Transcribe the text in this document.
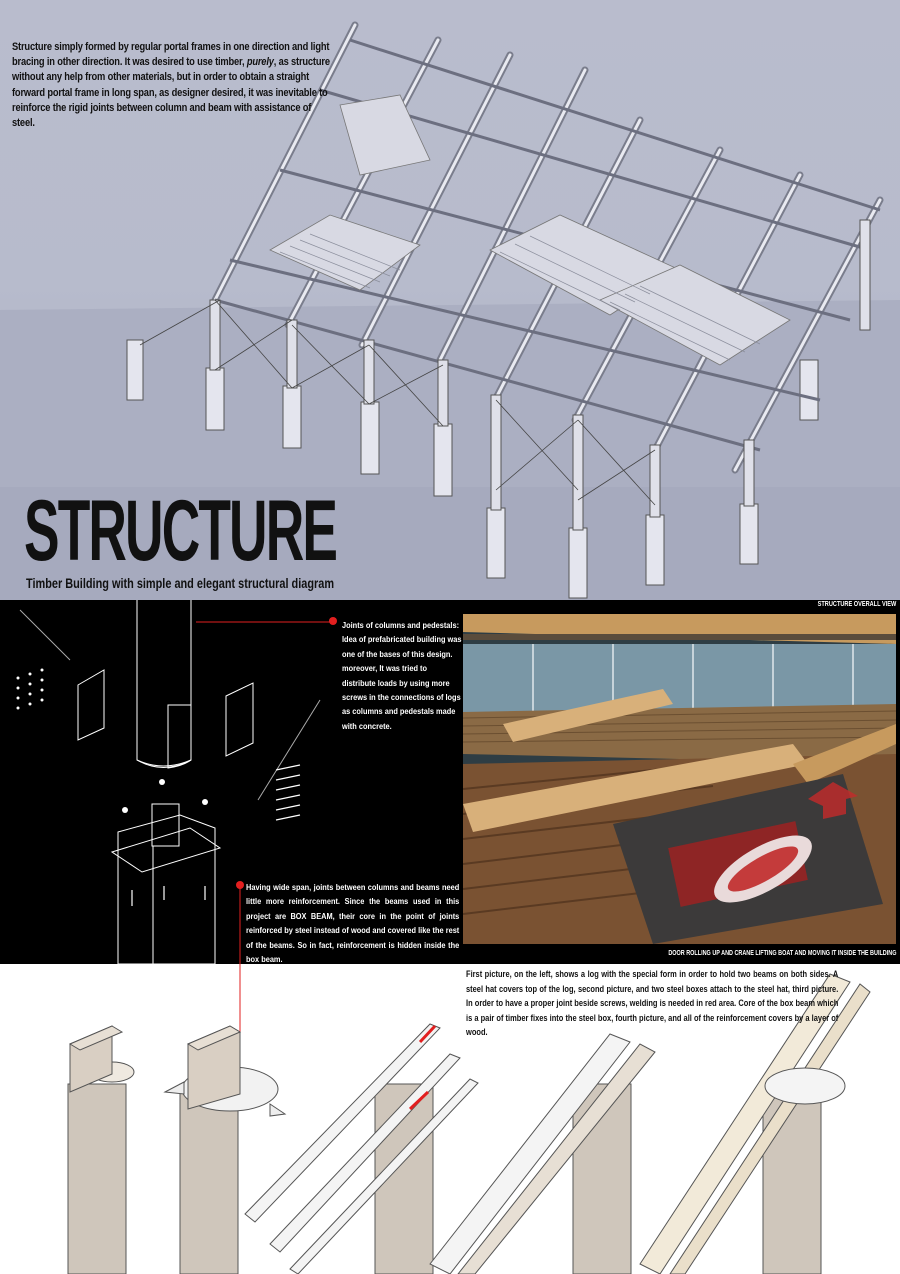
Structure simply formed by regular portal frames in one direction and light bracing in other direction. It was desired to use timber, purely, as structure without any help from other materials, but in order to obtain a straight forward portal frame in long span, as designer desired, it was inevitable to reinforce the rigid joints between column and beam with assistance of steel.
STRUCTURE
Timber Building with simple and elegant structural diagram
Joints of columns and pedestals: Idea of prefabricated building was one of the bases of this design. moreover, It was tried to distribute loads by using more screws in the connections of logs as columns and pedestals made with concrete.
Having wide span, joints between columns and beams need little more reinforcement. Since the beams used in this project are BOX BEAM, their core in the point of joints reinforced by steel instead of wood and covered like the rest of the beams. So in fact, reinforcement is hidden inside the box beam.
STRUCTURE OVERALL VIEW
DOOR ROLLING UP AND CRANE LIFTING BOAT AND MOVING IT INSIDE THE BUILDING
First picture, on the left, shows a log with the special form in order to hold two beams on both sides. A steel hat covers top of the log, second picture, and two steel boxes attach to the steel hat, third picture. In order to have a proper joint beside screws, welding is needed in red area. Core of the box beam which is a pair of timber fixes into the steel box, fourth picture, and all of the reinforcement covers by a layer of wood.
